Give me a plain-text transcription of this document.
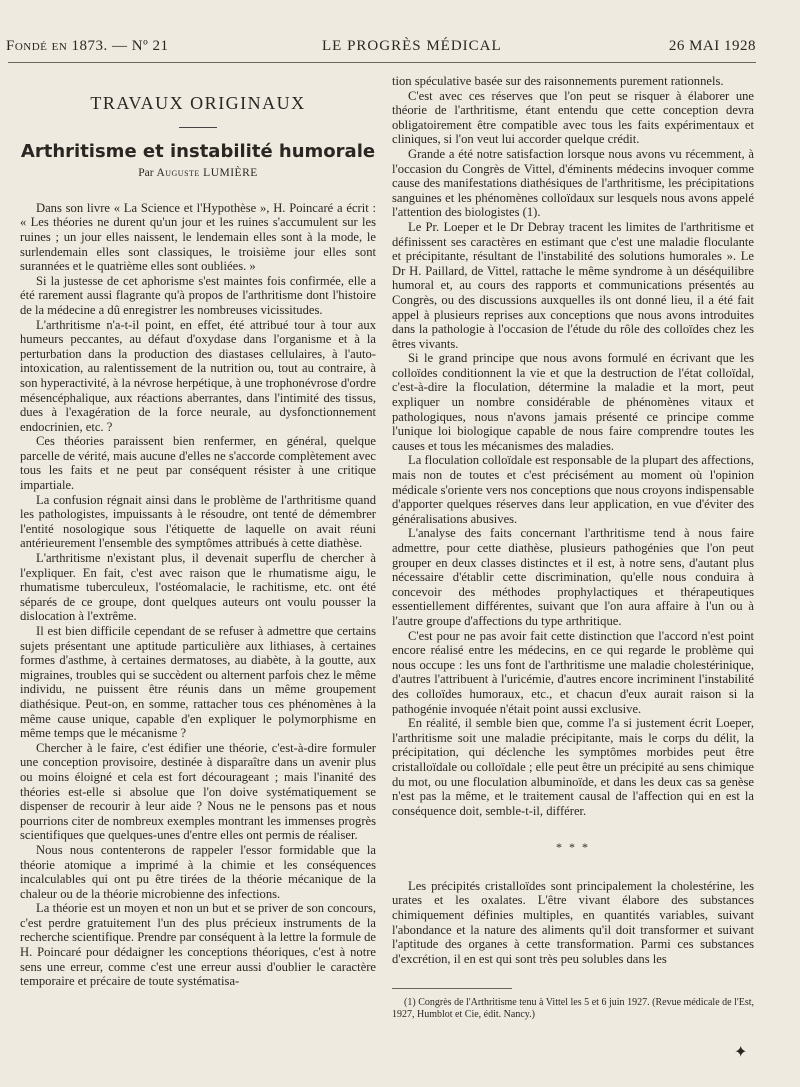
Fondé en 1873. — Nº 21	LE PROGRÈS MÉDICAL	26 MAI 1928
TRAVAUX ORIGINAUX
Arthritisme et instabilité humorale
Par Auguste LUMIÈRE

Dans son livre « La Science et l'Hypothèse », H. Poincaré a écrit : « Les théories ne durent qu'un jour et les ruines s'accumulent sur les ruines ; un jour elles naissent, le lendemain elles sont à la mode, le surlendemain elles sont classiques, le troisième jour elles sont surannées et le quatrième elles sont oubliées. »

Si la justesse de cet aphorisme s'est maintes fois confirmée, elle a été rarement aussi flagrante qu'à propos de l'arthritisme dont l'histoire de la médecine a dû enregistrer les nombreuses vicissitudes.

L'arthritisme n'a-t-il point, en effet, été attribué tour à tour aux humeurs peccantes, au défaut d'oxydase dans l'organisme et à la perturbation dans la production des diastases cellulaires, à l'auto-intoxication, au ralentissement de la nutrition ou, tout au contraire, à son hyperactivité, à la névrose herpétique, à une trophonévrose d'ordre mésencéphalique, aux réactions aberrantes, dans l'intimité des tissus, dues à l'exagération de la force neurale, au dysfonctionnement endocrinien, etc. ?

Ces théories paraissent bien renfermer, en général, quelque parcelle de vérité, mais aucune d'elles ne s'accorde complètement avec tous les faits et ne peut par conséquent résister à une critique impartiale.

La confusion régnait ainsi dans le problème de l'arthritisme quand les pathologistes, impuissants à le résoudre, ont tenté de démembrer l'entité nosologique sous l'étiquette de laquelle on avait réuni antérieurement l'ensemble des symptômes attribués à cette diathèse.

L'arthritisme n'existant plus, il devenait superflu de chercher à l'expliquer. En fait, c'est avec raison que le rhumatisme aigu, le rhumatisme tuberculeux, l'ostéomalacie, le rachitisme, etc. ont été séparés de ce groupe, dont quelques auteurs ont voulu pousser la dislocation à l'extrême.

Il est bien difficile cependant de se refuser à admettre que certains sujets présentant une aptitude particulière aux lithiases, à certaines formes d'asthme, à certaines dermatoses, au diabète, à la goutte, aux migraines, troubles qui se succèdent ou alternent parfois chez le même individu, ne puissent être réunis dans un même groupement diathésique. Peut-on, en somme, rattacher tous ces phénomènes à la même cause unique, capable d'en expliquer le polymorphisme en même temps que le mécanisme ?

Chercher à le faire, c'est édifier une théorie, c'est-à-dire formuler une conception provisoire, destinée à disparaître dans un avenir plus ou moins éloigné et cela est fort décourageant ; mais l'inanité des théories est-elle si absolue que l'on doive systématiquement se dispenser de recourir à leur aide ? Nous ne le pensons pas et nous pourrions citer de nombreux exemples montrant les immenses progrès scientifiques que quelques-unes d'entre elles ont permis de réaliser.

Nous nous contenterons de rappeler l'essor formidable que la théorie atomique a imprimé à la chimie et les conséquences incalculables qui ont pu être tirées de la théorie mécanique de la chaleur ou de la théorie microbienne des infections.

La théorie est un moyen et non un but et se priver de son concours, c'est perdre gratuitement l'un des plus précieux instruments de la recherche scientifique. Prendre par conséquent à la lettre la formule de H. Poincaré pour dédaigner les conceptions théoriques, c'est à notre sens une erreur, comme c'est une erreur aussi d'oublier le caractère temporaire et précaire de toute systématisa-

tion spéculative basée sur des raisonnements purement rationnels.

C'est avec ces réserves que l'on peut se risquer à élaborer une théorie de l'arthritisme, étant entendu que cette conception devra obligatoirement être compatible avec tous les faits expérimentaux et cliniques, si l'on veut lui accorder quelque crédit.

Grande a été notre satisfaction lorsque nous avons vu récemment, à l'occasion du Congrès de Vittel, d'éminents médecins invoquer comme cause des manifestations diathésiques de l'arthritisme, les précipitations sanguines et les phénomènes colloïdaux sur lesquels nous avons appelé l'attention des biologistes (1).

Le Pr. Loeper et le Dr Debray tracent les limites de l'arthritisme et définissent ses caractères en estimant que c'est une maladie floculante et précipitante, résultant de l'instabilité des solutions humorales ». Le Dr H. Paillard, de Vittel, rattache le même syndrome à un déséquilibre humoral et, au cours des rapports et communications présentés au Congrès, ou des discussions auxquelles ils ont donné lieu, il a été fait appel à plusieurs reprises aux conceptions que nous avons introduites dans la pathologie à l'occasion de l'étude du rôle des colloïdes chez les êtres vivants.

Si le grand principe que nous avons formulé en écrivant que les colloïdes conditionnent la vie et que la destruction de l'état colloïdal, c'est-à-dire la floculation, détermine la maladie et la mort, peut expliquer un nombre considérable de phénomènes vitaux et pathologiques, nous n'avons jamais présenté ce principe comme l'unique loi biologique capable de nous faire comprendre toutes les causes et tous les mécanismes des maladies.

La floculation colloïdale est responsable de la plupart des affections, mais non de toutes et c'est précisément au moment où l'opinion médicale s'oriente vers nos conceptions que nous croyons indispensable d'apporter quelques réserves dans leur application, en vue d'éviter des généralisations abusives.

L'analyse des faits concernant l'arthritisme tend à nous faire admettre, pour cette diathèse, plusieurs pathogénies que l'on peut grouper en deux classes distinctes et il est, à notre sens, d'autant plus nécessaire d'établir cette discrimination, qu'elle nous conduira à concevoir des méthodes prophylactiques et thérapeutiques essentiellement différentes, suivant que l'on aura affaire à l'un ou à l'autre groupe d'affections du type arthritique.

C'est pour ne pas avoir fait cette distinction que l'accord n'est point encore réalisé entre les médecins, en ce qui regarde le problème qui nous occupe : les uns font de l'arthritisme une maladie cholestérinique, d'autres l'attribuent à l'uricémie, d'autres encore incriminent l'instabilité des colloïdes humoraux, etc., et chacun d'eux aurait raison si la pathogénie invoquée n'était point aussi exclusive.

En réalité, il semble bien que, comme l'a si justement écrit Loeper, l'arthritisme soit une maladie précipitante, mais le corps du délit, la précipitation, qui déclenche les symptômes morbides peut être cristalloïdale ou colloïdale ; elle peut être un précipité au sens chimique du mot, ou une floculation albuminoïde, et dans les deux cas sa genèse n'est pas la même, et le traitement causal de l'affection qui en est la conséquence doit, semble-t-il, différer.

* * *

Les précipités cristalloïdes sont principalement la cholestérine, les urates et les oxalates. L'être vivant élabore des substances chimiquement définies multiples, en quantités variables, suivant l'abondance et la nature des aliments qu'il doit transformer et suivant l'aptitude des organes à cette transformation. Parmi ces substances d'excrétion, il en est qui sont très peu solubles dans les

(1) Congrès de l'Arthritisme tenu à Vittel les 5 et 6 juin 1927. (Revue médicale de l'Est, 1927, Humblot et Cie, édit. Nancy.)
✦
